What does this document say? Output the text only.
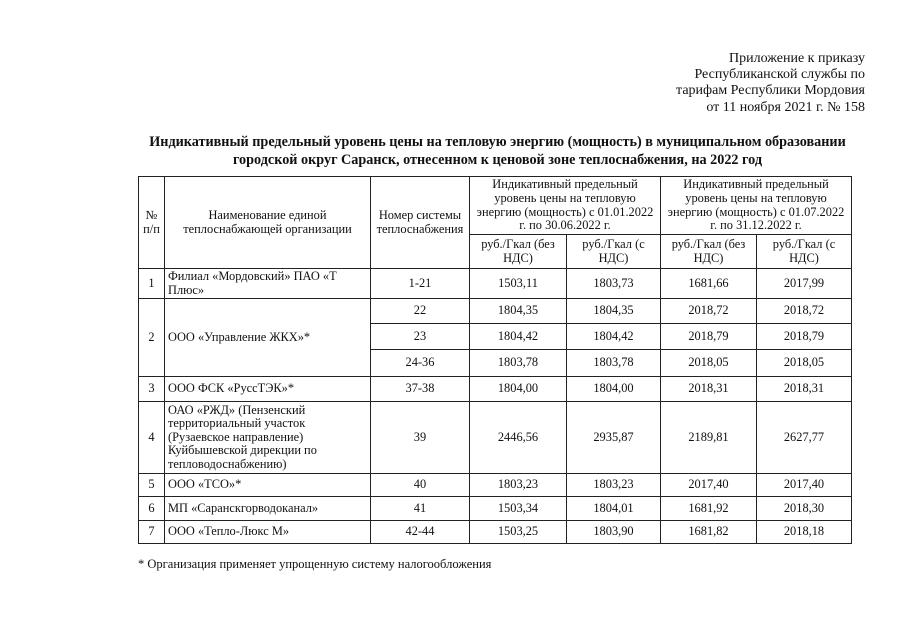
Приложение к приказу
Республиканской службы по
тарифам Республики Мордовия
от 11 ноября 2021 г. № 158
Индикативный предельный уровень цены на тепловую энергию (мощность) в муниципальном образовании
городской округ Саранск, отнесенном к ценовой зоне теплоснабжения, на 2022 год
№ п/п	Наименование единой теплоснабжающей организации	Номер системы теплоснабжения	Индикативный предельный уровень цены на тепловую энергию (мощность) с 01.01.2022 г. по 30.06.2022 г.		Индикативный предельный уровень цены на тепловую энергию (мощность) с 01.07.2022 г. по 31.12.2022 г.	
			руб./Гкал (без НДС)	руб./Гкал (с НДС)	руб./Гкал (без НДС)	руб./Гкал (с НДС)
1	Филиал «Мордовский» ПАО «Т Плюс»	1-21	1503,11	1803,73	1681,66	2017,99
2	ООО «Управление ЖКХ»*	22	1804,35	1804,35	2018,72	2018,72
		23	1804,42	1804,42	2018,79	2018,79
		24-36	1803,78	1803,78	2018,05	2018,05
3	ООО ФСК «РуссТЭК»*	37-38	1804,00	1804,00	2018,31	2018,31
4	ОАО «РЖД» (Пензенский территориальный участок (Рузаевское направление) Куйбышевской дирекции по тепловодоснабжению)	39	2446,56	2935,87	2189,81	2627,77
5	ООО «ТСО»*	40	1803,23	1803,23	2017,40	2017,40
6	МП «Саранскгорводоканал»	41	1503,34	1804,01	1681,92	2018,30
7	ООО «Тепло-Люкс М»	42-44	1503,25	1803,90	1681,82	2018,18
* Организация применяет упрощенную систему налогообложения
